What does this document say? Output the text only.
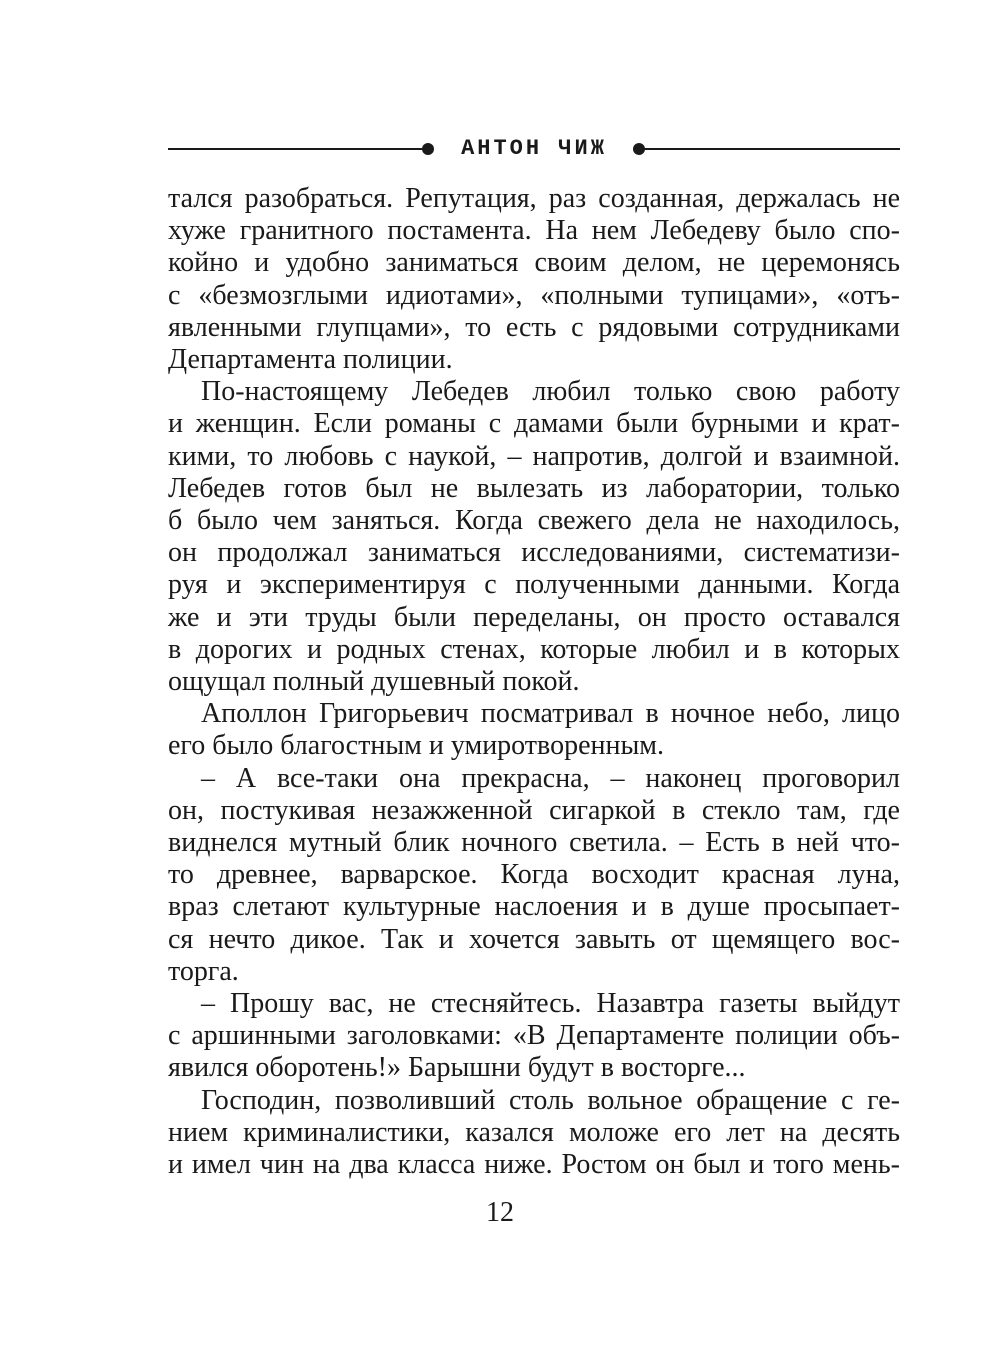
АНТОН ЧИЖ
тался разобраться. Репутация, раз созданная, держалась не
хуже гранитного постамента. На нем Лебедеву было спо-
койно и удобно заниматься своим делом, не церемонясь
с «безмозглыми идиотами», «полными тупицами», «отъ-
явленными глупцами», то есть с рядовыми сотрудниками
Департамента полиции.
По-настоящему Лебедев любил только свою работу
и женщин. Если романы с дамами были бурными и крат-
кими, то любовь с наукой, – напротив, долгой и взаимной.
Лебедев готов был не вылезать из лаборатории, только
б было чем заняться. Когда свежего дела не находилось,
он продолжал заниматься исследованиями, систематизи-
руя и экспериментируя с полученными данными. Когда
же и эти труды были переделаны, он просто оставался
в дорогих и родных стенах, которые любил и в которых
ощущал полный душевный покой.
Аполлон Григорьевич посматривал в ночное небо, лицо
его было благостным и умиротворенным.
– А все-таки она прекрасна, – наконец проговорил
он, постукивая незажженной сигаркой в стекло там, где
виднелся мутный блик ночного светила. – Есть в ней что-
то древнее, варварское. Когда восходит красная луна,
враз слетают культурные наслоения и в душе просыпает-
ся нечто дикое. Так и хочется завыть от щемящего вос-
торга.
– Прошу вас, не стесняйтесь. Назавтра газеты выйдут
с аршинными заголовками: «В Департаменте полиции объ-
явился оборотень!» Барышни будут в восторге...
Господин, позволивший столь вольное обращение с ге-
нием криминалистики, казался моложе его лет на десять
и имел чин на два класса ниже. Ростом он был и того мень-
12
